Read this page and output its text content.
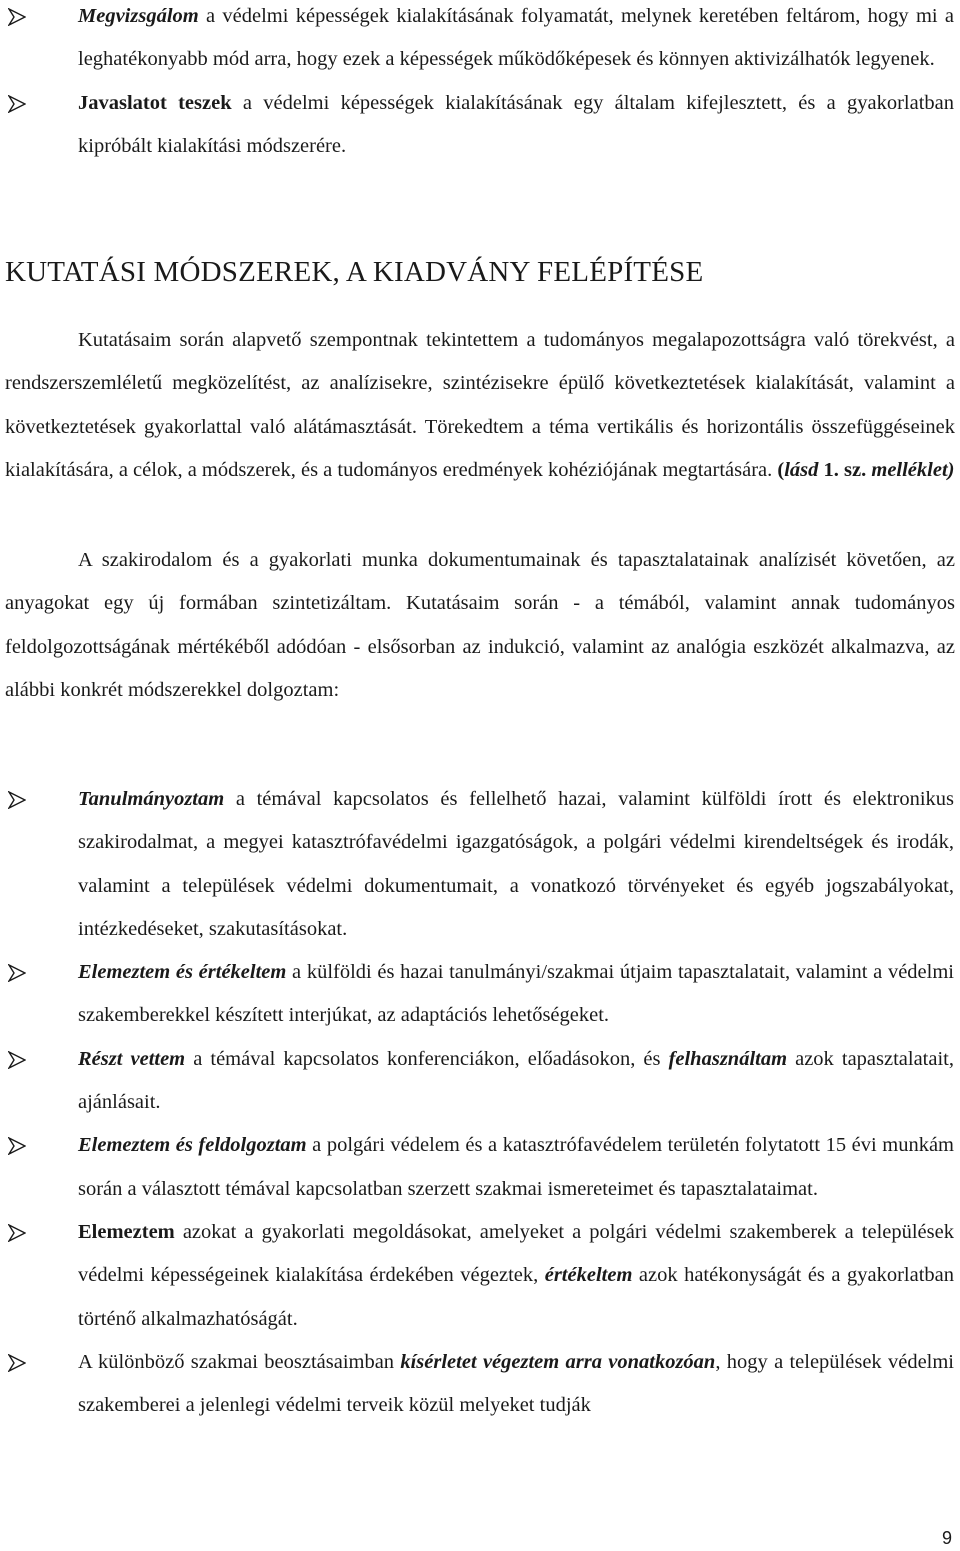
Megvizsgálom a védelmi képességek kialakításának folyamatát, melynek keretében feltárom, hogy mi a leghatékonyabb mód arra, hogy ezek a képességek működőképesek és könnyen aktivizálhatók legyenek.
Javaslatot teszek a védelmi képességek kialakításának egy általam kifejlesztett, és a gyakorlatban kipróbált kialakítási módszerére.
KUTATÁSI MÓDSZEREK, A KIADVÁNY FELÉPÍTÉSE

Kutatásaim során alapvető szempontnak tekintettem a tudományos megalapozottságra való törekvést, a rendszerszemléletű megközelítést, az analízisekre, szintézisekre épülő következtetések kialakítását, valamint a következtetések gyakorlattal való alátámasztását. Törekedtem a téma vertikális és horizontális összefüggéseinek kialakítására, a célok, a módszerek, és a tudományos eredmények kohéziójának megtartására. (lásd 1. sz. melléklet)

A szakirodalom és a gyakorlati munka dokumentumainak és tapasztalatainak analízisét követően, az anyagokat egy új formában szintetizáltam. Kutatásaim során - a témából, valamint annak tudományos feldolgozottságának mértékéből adódóan - elsősorban az indukció, valamint az analógia eszközét alkalmazva, az alábbi konkrét módszerekkel dolgoztam:

Tanulmányoztam a témával kapcsolatos és fellelhető hazai, valamint külföldi írott és elektronikus szakirodalmat, a megyei katasztrófavédelmi igazgatóságok, a polgári védelmi kirendeltségek és irodák, valamint a települések védelmi dokumentumait, a vonatkozó törvényeket és egyéb jogszabályokat, intézkedéseket, szakutasításokat.
Elemeztem és értékeltem a külföldi és hazai tanulmányi/szakmai útjaim tapasztalatait, valamint a védelmi szakemberekkel készített interjúkat, az adaptációs lehetőségeket.
Részt vettem a témával kapcsolatos konferenciákon, előadásokon, és felhasználtam azok tapasztalatait, ajánlásait.
Elemeztem és feldolgoztam a polgári védelem és a katasztrófavédelem területén folytatott 15 évi munkám során a választott témával kapcsolatban szerzett szakmai ismereteimet és tapasztalataimat.
Elemeztem azokat a gyakorlati megoldásokat, amelyeket a polgári védelmi szakemberek a települések védelmi képességeinek kialakítása érdekében végeztek, értékeltem azok hatékonyságát és a gyakorlatban történő alkalmazhatóságát.
A különböző szakmai beosztásaimban kísérletet végeztem arra vonatkozóan, hogy a települések védelmi szakemberei a jelenlegi védelmi terveik közül melyeket tudják
9
